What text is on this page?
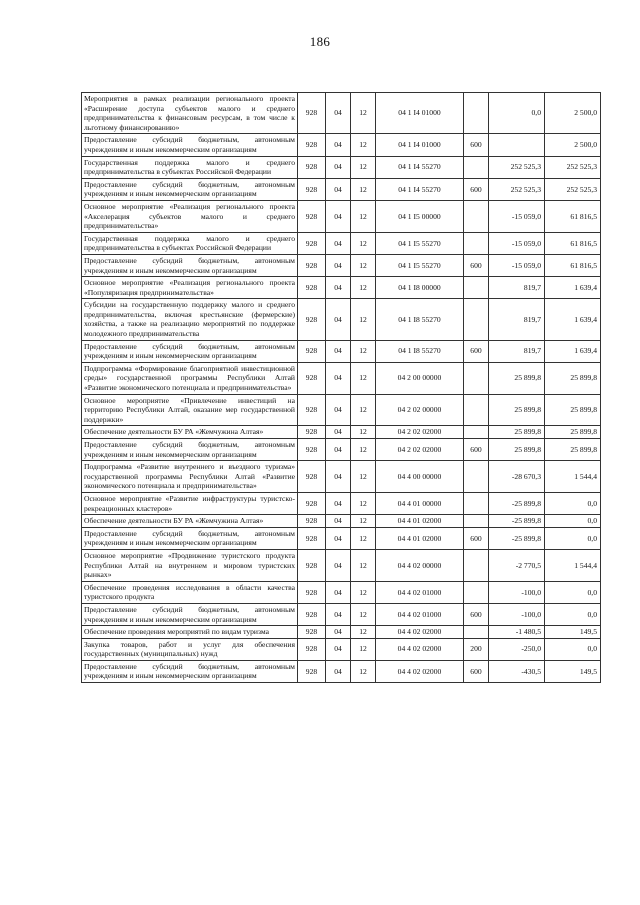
186
Мероприятия в рамках реализации регионального проекта «Расширение доступа субъектов малого и среднего предпринимательства к финансовым ресурсам, в том числе к льготному финансированию»	928	04	12	04 1 I4 01000		0,0	2 500,0
Предоставление субсидий бюджетным, автономным учреждениям и иным некоммерческим организациям	928	04	12	04 1 I4 01000	600		2 500,0
Государственная поддержка малого и среднего предпринимательства в субъектах Российской Федерации	928	04	12	04 1 I4 55270		252 525,3	252 525,3
Предоставление субсидий бюджетным, автономным учреждениям и иным некоммерческим организациям	928	04	12	04 1 I4 55270	600	252 525,3	252 525,3
Основное мероприятие «Реализация регионального проекта «Акселерация субъектов малого и среднего предпринимательства»	928	04	12	04 1 I5 00000		-15 059,0	61 816,5
Государственная поддержка малого и среднего предпринимательства в субъектах Российской Федерации	928	04	12	04 1 I5 55270		-15 059,0	61 816,5
Предоставление субсидий бюджетным, автономным учреждениям и иным некоммерческим организациям	928	04	12	04 1 I5 55270	600	-15 059,0	61 816,5
Основное мероприятие «Реализация регионального проекта «Популяризация предпринимательства»	928	04	12	04 1 I8 00000		819,7	1 639,4
Субсидии на государственную поддержку малого и среднего предпринимательства, включая крестьянские (фермерские) хозяйства, а также на реализацию мероприятий по поддержке молодежного предпринимательства	928	04	12	04 1 I8 55270		819,7	1 639,4
Предоставление субсидий бюджетным, автономным учреждениям и иным некоммерческим организациям	928	04	12	04 1 I8 55270	600	819,7	1 639,4
Подпрограмма «Формирование благоприятной инвестиционной среды» государственной программы Республики Алтай «Развитие экономического потенциала и предпринимательства»	928	04	12	04 2 00 00000		25 899,8	25 899,8
Основное мероприятие «Привлечение инвестиций на территорию Республики Алтай, оказание мер государственной поддержки»	928	04	12	04 2 02 00000		25 899,8	25 899,8
Обеспечение деятельности БУ РА «Жемчужина Алтая»	928	04	12	04 2 02 02000		25 899,8	25 899,8
Предоставление субсидий бюджетным, автономным учреждениям и иным некоммерческим организациям	928	04	12	04 2 02 02000	600	25 899,8	25 899,8
Подпрограмма «Развитие внутреннего и въездного туризма» государственной программы Республики Алтай «Развитие экономического потенциала и предпринимательства»	928	04	12	04 4 00 00000		-28 670,3	1 544,4
Основное мероприятие «Развитие инфраструктуры туристско-рекреационных кластеров»	928	04	12	04 4 01 00000		-25 899,8	0,0
Обеспечение деятельности БУ РА «Жемчужина Алтая»	928	04	12	04 4 01 02000		-25 899,8	0,0
Предоставление субсидий бюджетным, автономным учреждениям и иным некоммерческим организациям	928	04	12	04 4 01 02000	600	-25 899,8	0,0
Основное мероприятие «Продвижение туристского продукта Республики Алтай на внутреннем и мировом туристских рынках»	928	04	12	04 4 02 00000		-2 770,5	1 544,4
Обеспечение проведения исследования в области качества туристского продукта	928	04	12	04 4 02 01000		-100,0	0,0
Предоставление субсидий бюджетным, автономным учреждениям и иным некоммерческим организациям	928	04	12	04 4 02 01000	600	-100,0	0,0
Обеспечение проведения мероприятий по видам туризма	928	04	12	04 4 02 02000		-1 480,5	149,5
Закупка товаров, работ и услуг для обеспечения государственных (муниципальных) нужд	928	04	12	04 4 02 02000	200	-250,0	0,0
Предоставление субсидий бюджетным, автономным учреждениям и иным некоммерческим организациям	928	04	12	04 4 02 02000	600	-430,5	149,5
